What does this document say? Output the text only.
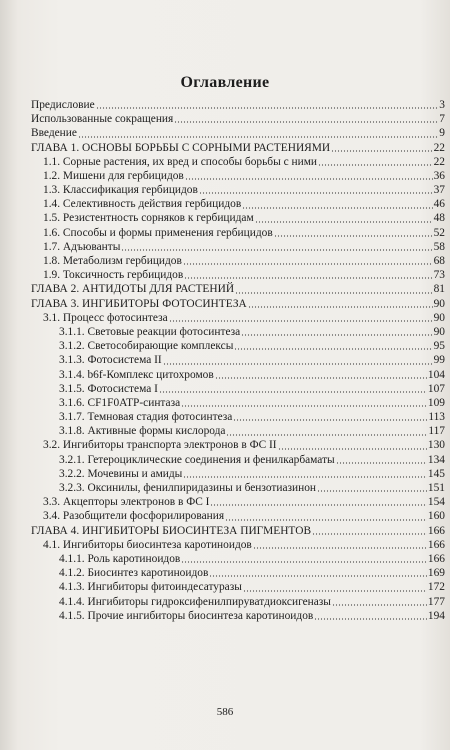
Оглавление
Предисловие	3
Использованные сокращения	7
Введение	9
ГЛАВА 1. ОСНОВЫ БОРЬБЫ С СОРНЫМИ РАСТЕНИЯМИ	22
1.1. Сорные растения, их вред и способы борьбы с ними	22
1.2. Мишени для гербицидов	36
1.3. Классификация гербицидов	37
1.4. Селективность действия гербицидов	46
1.5. Резистентность сорняков к гербицидам	48
1.6. Способы и формы применения гербицидов	52
1.7. Адъюванты	58
1.8. Метаболизм гербицидов	68
1.9. Токсичность гербицидов	73
ГЛАВА 2. АНТИДОТЫ ДЛЯ РАСТЕНИЙ	81
ГЛАВА 3. ИНГИБИТОРЫ ФОТОСИНТЕЗА	90
3.1. Процесс фотосинтеза	90
3.1.1. Световые реакции фотосинтеза	90
3.1.2. Светособирающие комплексы	95
3.1.3. Фотосистема II	99
3.1.4. b6f-Комплекс цитохромов	104
3.1.5. Фотосистема I	107
3.1.6. CF1F0ATP-синтаза	109
3.1.7. Темновая стадия фотосинтеза	113
3.1.8. Активные формы кислорода	117
3.2. Ингибиторы транспорта электронов в ФС II	130
3.2.1. Гетероциклические соединения и фенилкарбаматы	134
3.2.2. Мочевины и амиды	145
3.2.3. Оксинилы, фенилпиридазины и бензотиазинон	151
3.3. Акцепторы электронов в ФС I	154
3.4. Разобщители фосфорилирования	160
ГЛАВА 4. ИНГИБИТОРЫ БИОСИНТЕЗА ПИГМЕНТОВ	166
4.1. Ингибиторы биосинтеза каротиноидов	166
4.1.1. Роль каротиноидов	166
4.1.2. Биосинтез каротиноидов	169
4.1.3. Ингибиторы фитоиндесатуразы	172
4.1.4. Ингибиторы гидроксифенилпируватдиоксигеназы	177
4.1.5. Прочие ингибиторы биосинтеза каротиноидов	194
586
